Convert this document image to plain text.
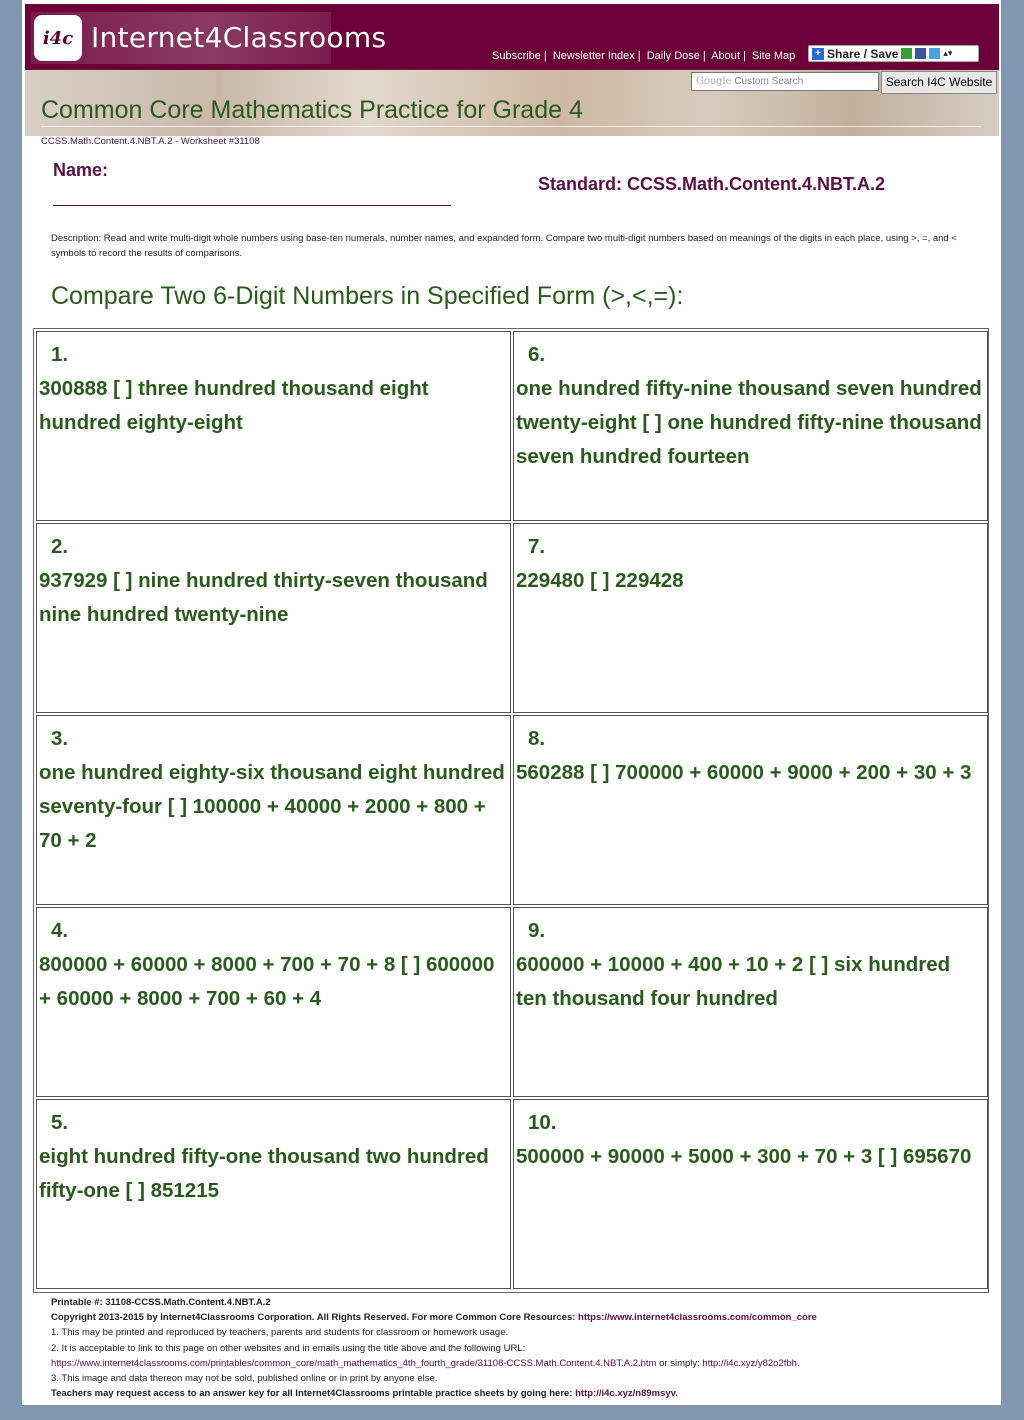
i4c Internet4Classrooms
Subscribe | Newsletter Index | Daily Dose | About | Site Map	+ Share / Save	▴▾
Google Custom Search	Search I4C Website
Common Core Mathematics Practice for Grade 4
CCSS.Math.Content.4.NBT.A.2 - Worksheet #31108
Name:
Standard: CCSS.Math.Content.4.NBT.A.2
Description: Read and write multi-digit whole numbers using base-ten numerals, number names, and expanded form. Compare two multi-digit numbers based on meanings of the digits in each place, using >, =, and < symbols to record the results of comparisons.
Compare Two 6-Digit Numbers in Specified Form (>,<,=):
1.
300888 [ ] three hundred thousand eight hundred eighty-eight
6.
one hundred fifty-nine thousand seven hundred twenty-eight [ ] one hundred fifty-nine thousand seven hundred fourteen
2.
937929 [ ] nine hundred thirty-seven thousand nine hundred twenty-nine
7.
229480 [ ] 229428
3.
one hundred eighty-six thousand eight hundred seventy-four [ ] 100000 + 40000 + 2000 + 800 + 70 + 2
8.
560288 [ ] 700000 + 60000 + 9000 + 200 + 30 + 3
4.
800000 + 60000 + 8000 + 700 + 70 + 8 [ ] 600000 + 60000 + 8000 + 700 + 60 + 4
9.
600000 + 10000 + 400 + 10 + 2 [ ] six hundred ten thousand four hundred
5.
eight hundred fifty-one thousand two hundred fifty-one [ ] 851215
10.
500000 + 90000 + 5000 + 300 + 70 + 3 [ ] 695670
Printable #: 31108-CCSS.Math.Content.4.NBT.A.2
Copyright 2013-2015 by Internet4Classrooms Corporation. All Rights Reserved. For more Common Core Resources: https://www.internet4classrooms.com/common_core
1. This may be printed and reproduced by teachers, parents and students for classroom or homework usage.
2. It is acceptable to link to this page on other websites and in emails using the title above and the following URL:
https://www.internet4classrooms.com/printables/common_core/math_mathematics_4th_fourth_grade/31108-CCSS.Math.Content.4.NBT.A.2.htm or simply: http://i4c.xyz/y82o2fbh.
3. This image and data thereon may not be sold, published online or in print by anyone else.
Teachers may request access to an answer key for all Internet4Classrooms printable practice sheets by going here: http://i4c.xyz/n89msyv.
